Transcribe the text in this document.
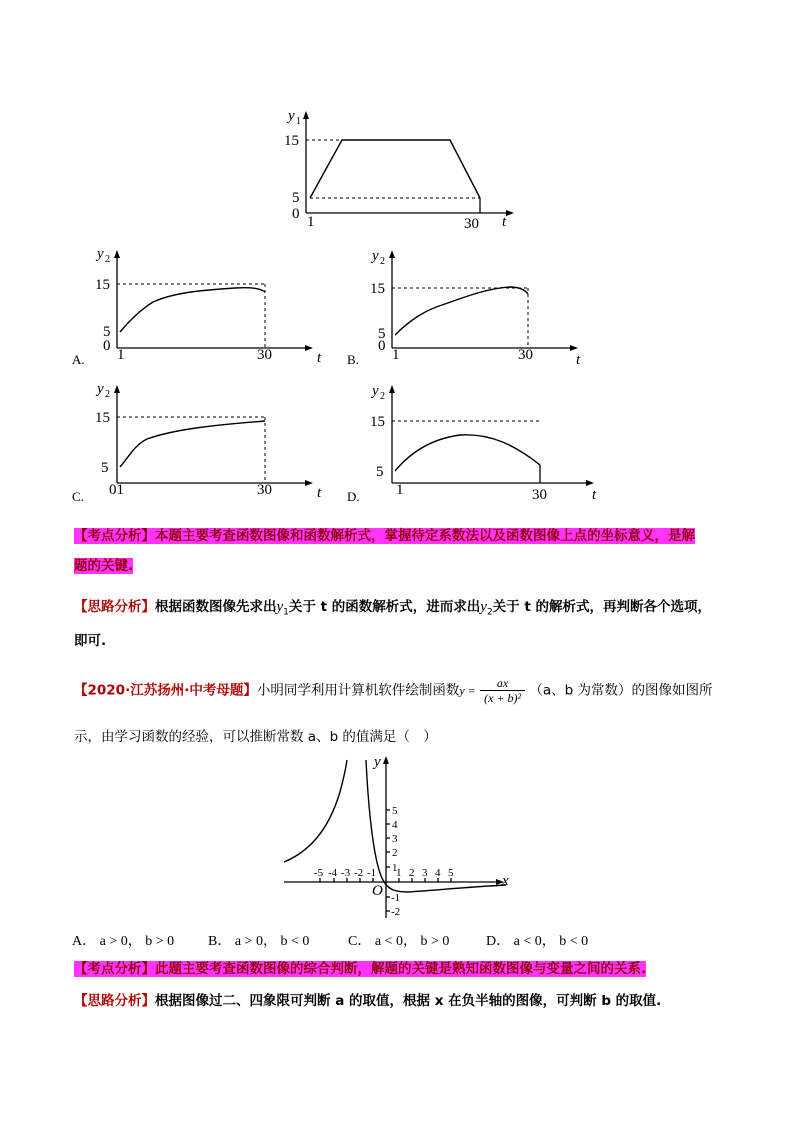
y 1
15
5
0 1	30 t
y 2
15
5
0
1	30	t
A.
y 2
15
5
0
1	30	t
B.
y 2
15
5
01	30	t
C.
y 2
15
5
1	30	t
D.
【考点分析】本题主要考查函数图像和函数解析式，掌握待定系数法以及函数图像上点的坐标意义，是解
题的关键.
【思路分析】根据函数图像先求出$y_1$关于 t 的函数解析式，进而求出$y_2$关于 t 的解析式，再判断各个选项，
即可.
【2020·江苏扬州·中考母题】小明同学利用计算机软件绘制函数$y = \frac{ax}{\text{(x + b)²}} (a$、b 为常数）的图像如图所
示，由学习函数的经验，可以推断常数 a、b 的值满足（　）
y
x
O
5
4
3
2
1
-1
-2
-5 -4 -3 -2 -1 1 2 3 4 5
A． a > 0， b > 0 B． a > 0， b < 0	C． a < 0， b > 0	D． a < 0， b < 0
【考点分析】此题主要考查函数图像的综合判断，解题的关键是熟知函数图像与变量之间的关系.
【思路分析】根据图像过二、四象限可判断 a 的取值，根据 x 在负半轴的图像，可判断 b 的取值.
